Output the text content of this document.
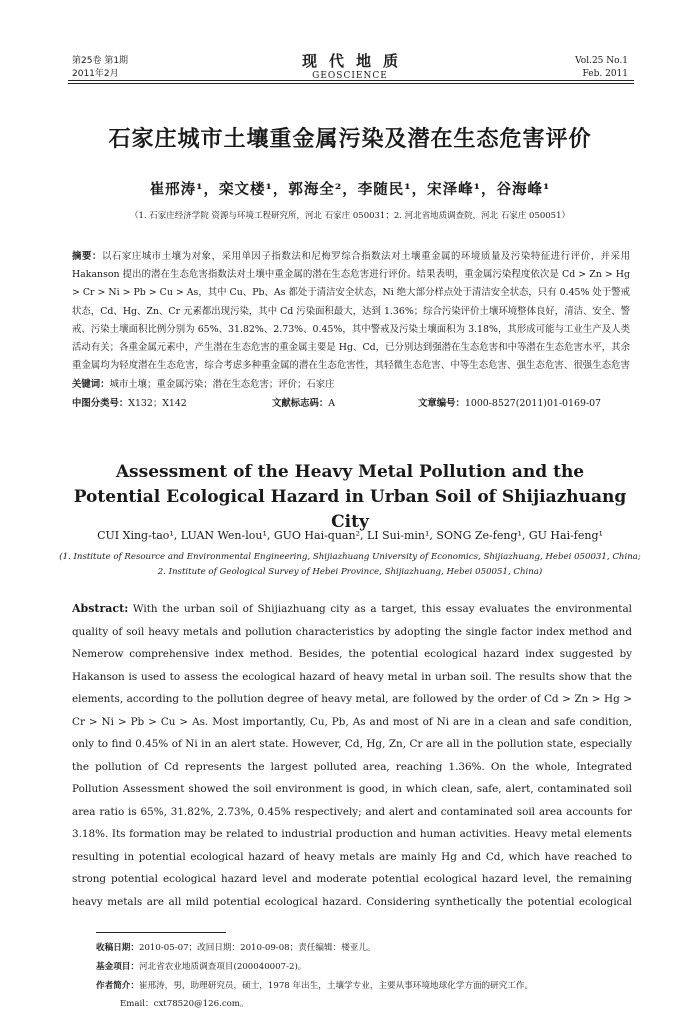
第25卷 第1期
2011年2月
现代地质
GEOSCIENCE
Vol.25 No.1
Feb. 2011
石家庄城市土壤重金属污染及潜在生态危害评价
崔邢涛¹，栾文楼¹，郭海全²，李随民¹，宋泽峰¹，谷海峰¹
（1. 石家庄经济学院 资源与环境工程研究所，河北 石家庄 050031；2. 河北省地质调查院，河北 石家庄 050051）
摘要：以石家庄城市土壤为对象，采用单因子指数法和尼梅罗综合指数法对土壤重金属的环境质量及污染特征进行评价，并采用 Hakanson 提出的潜在生态危害指数法对土壤中重金属的潜在生态危害进行评价。结果表明，重金属污染程度依次是 Cd > Zn > Hg > Cr > Ni > Pb > Cu > As，其中 Cu、Pb、As 都处于清洁安全状态，Ni 绝大部分样点处于清洁安全状态，只有 0.45% 处于警戒状态，Cd、Hg、Zn、Cr 元素都出现污染，其中 Cd 污染面积最大，达到 1.36%；综合污染评价土壤环境整体良好，清洁、安全、警戒、污染土壤面积比例分别为 65%、31.82%、2.73%、0.45%，其中警戒及污染土壤面积为 3.18%，其形成可能与工业生产及人类活动有关；各重金属元素中，产生潜在生态危害的重金属主要是 Hg、Cd，已分别达到强潜在生态危害和中等潜在生态危害水平，其余重金属均为轻度潜在生态危害，综合考虑多种重金属的潜在生态危害性，其轻微生态危害、中等生态危害、强生态危害、很强生态危害
关键词：城市土壤；重金属污染；潜在生态危害；评价；石家庄
中图分类号：X132；X142	文献标志码：A	文章编号：1000-8527(2011)01-0169-07
Assessment of the Heavy Metal Pollution and the Potential Ecological Hazard in Urban Soil of Shijiazhuang City
CUI Xing-tao¹, LUAN Wen-lou¹, GUO Hai-quan², LI Sui-min¹, SONG Ze-feng¹, GU Hai-feng¹
(1. Institute of Resource and Environmental Engineering, Shijiazhuang University of Economics, Shijiazhuang, Hebei 050031, China;
2. Institute of Geological Survey of Hebei Province, Shijiazhuang, Hebei 050051, China)
Abstract: With the urban soil of Shijiazhuang city as a target, this essay evaluates the environmental quality of soil heavy metals and pollution characteristics by adopting the single factor index method and Nemerow comprehensive index method. Besides, the potential ecological hazard index suggested by Hakanson is used to assess the ecological hazard of heavy metal in urban soil. The results show that the elements, according to the pollution degree of heavy metal, are followed by the order of Cd > Zn > Hg > Cr > Ni > Pb > Cu > As. Most importantly, Cu, Pb, As and most of Ni are in a clean and safe condition, only to find 0.45% of Ni in an alert state. However, Cd, Hg, Zn, Cr are all in the pollution state, especially the pollution of Cd represents the largest polluted area, reaching 1.36%. On the whole, Integrated Pollution Assessment showed the soil environment is good, in which clean, safe, alert, contaminated soil area ratio is 65%, 31.82%, 2.73%, 0.45% respectively; and alert and contaminated soil area accounts for 3.18%. Its formation may be related to industrial production and human activities. Heavy metal elements resulting in potential ecological hazard of heavy metals are mainly Hg and Cd, which have reached to strong potential ecological hazard level and moderate potential ecological hazard level, the remaining heavy metals are all mild potential ecological hazard. Considering synthetically the potential ecological
收稿日期：2010-05-07；改回日期：2010-09-08；责任编辑：楼亚儿。
基金项目：河北省农业地质调查项目(200040007-2)。
作者简介：崔邢涛，男，助理研究员，硕士，1978 年出生，土壤学专业，主要从事环境地球化学方面的研究工作。
Email：cxt78520@126.com。
